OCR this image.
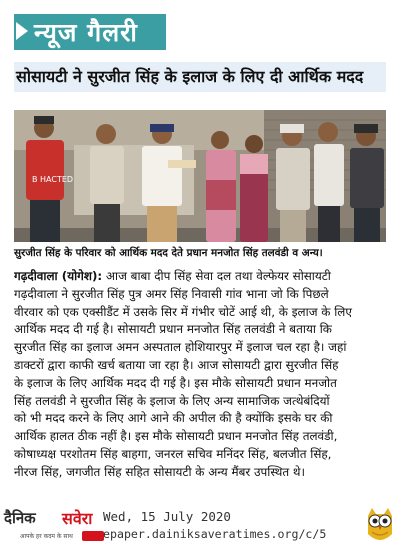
न्यूज गैलरी
सोसायटी ने सुरजीत सिंह के इलाज के लिए दी आर्थिक मदद
B HACTED
सुरजीत सिंह के परिवार को आर्थिक मदद देते प्रधान मनजोत सिंह तलवंडी व अन्य।
गढ़दीवाला (योगेश): आज बाबा दीप सिंह सेवा दल तथा वेल्फेयर सोसायटी
गढ़दीवाला ने सुरजीत सिंह पुत्र अमर सिंह निवासी गांव भाना जो कि पिछले
वीरवार को एक एक्सीडैंट में उसके सिर में गंभीर चोटें आई थी, के इलाज के लिए
आर्थिक मदद दी गई है। सोसायटी प्रधान मनजोत सिंह तलवंडी ने बताया कि
सुरजीत सिंह का इलाज अमन अस्पताल होशियारपुर में इलाज चल रहा है। जहां
डाक्टरों द्वारा काफी खर्च बताया जा रहा है। आज सोसायटी द्वारा सुरजीत सिंह
के इलाज के लिए आर्थिक मदद दी गई है। इस मौके सोसायटी प्रधान मनजोत
सिंह तलवंडी ने सुरजीत सिंह के इलाज के लिए अन्य सामाजिक जत्थेबंदियों
को भी मदद करने के लिए आगे आने की अपील की है क्योंकि इसके घर की
आर्थिक हालत ठीक नहीं है। इस मौके सोसायटी प्रधान मनजोत सिंह तलवंडी,
कोषाध्यक्ष परशोतम सिंह बाहगा, जनरल सचिव मनिंदर सिंह, बलजीत सिंह,
नीरज सिंह, जगजीत सिंह सहित सोसायटी के अन्य मैंबर उपस्थित थे।
दैनिक सवेरा
आपके हर कदम के साथ
Wed, 15 July 2020
epaper.dainiksaveratimes.org/c/5
